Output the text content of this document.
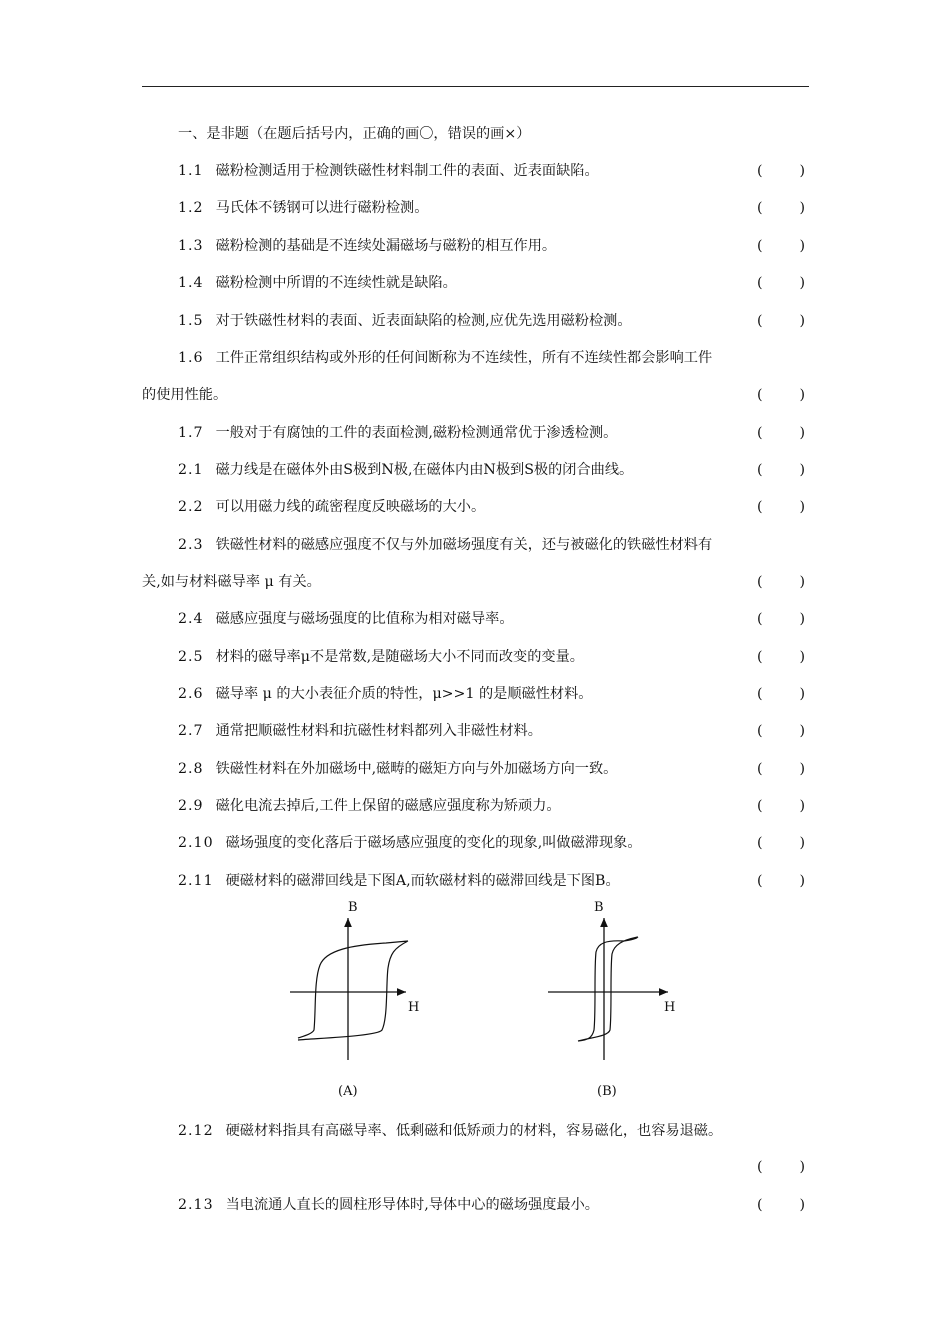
一、是非题（在题后括号内，正确的画〇，错误的画×）
1.1 磁粉检测适用于检测铁磁性材料制工件的表面、近表面缺陷。	(	)
1.2 马氏体不锈钢可以进行磁粉检测。	(	)
1.3 磁粉检测的基础是不连续处漏磁场与磁粉的相互作用。	(	)
1.4 磁粉检测中所谓的不连续性就是缺陷。	(	)
1.5 对于铁磁性材料的表面、近表面缺陷的检测,应优先选用磁粉检测。	(	)
1.6 工件正常组织结构或外形的任何间断称为不连续性，所有不连续性都会影响工件
的使用性能。	(	)
1.7 一般对于有腐蚀的工件的表面检测,磁粉检测通常优于渗透检测。	(	)
2.1 磁力线是在磁体外由S极到N极,在磁体内由N极到S极的闭合曲线。	(	)
2.2 可以用磁力线的疏密程度反映磁场的大小。	(	)
2.3 铁磁性材料的磁感应强度不仅与外加磁场强度有关，还与被磁化的铁磁性材料有
关,如与材料磁导率 μ 有关。	(	)
2.4 磁感应强度与磁场强度的比值称为相对磁导率。	(	)
2.5 材料的磁导率μ不是常数,是随磁场大小不同而改变的变量。	(	)
2.6 磁导率 μ 的大小表征介质的特性，μ>>1 的是顺磁性材料。	(	)
2.7 通常把顺磁性材料和抗磁性材料都列入非磁性材料。	(	)
2.8 铁磁性材料在外加磁场中,磁畴的磁矩方向与外加磁场方向一致。	(	)
2.9 磁化电流去掉后,工件上保留的磁感应强度称为矫顽力。	(	)
2.10 磁场强度的变化落后于磁场感应强度的变化的现象,叫做磁滞现象。	(	)
2.11 硬磁材料的磁滞回线是下图A,而软磁材料的磁滞回线是下图B。	(	)
B
H
(A)
B
H
(B)
2.12 硬磁材料指具有高磁导率、低剩磁和低矫顽力的材料，容易磁化，也容易退磁。
(	)
2.13 当电流通人直长的圆柱形导体时,导体中心的磁场强度最小。	(	)
